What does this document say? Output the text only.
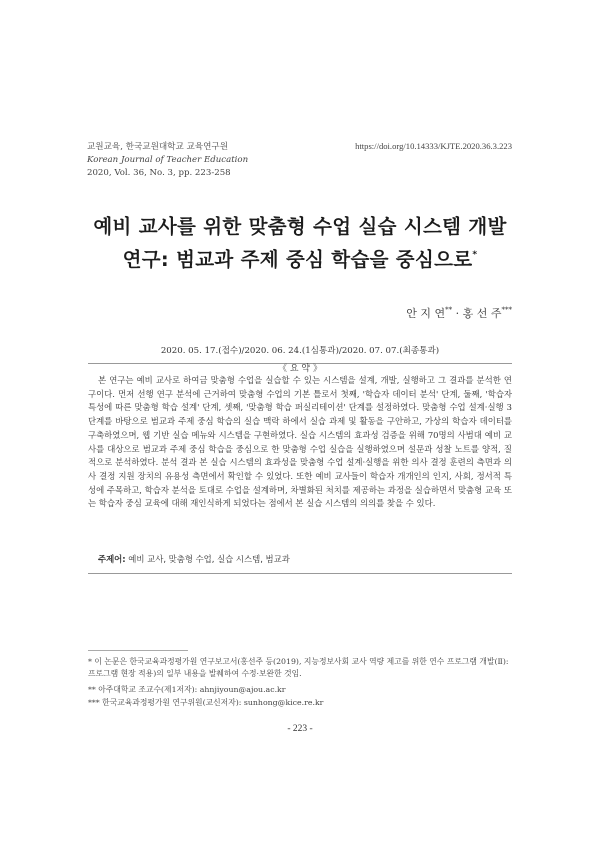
교원교육, 한국교원대학교 교육연구원
Korean Journal of Teacher Education
2020, Vol. 36, No. 3, pp. 223-258
https://doi.org/10.14333/KJTE.2020.36.3.223
예비 교사를 위한 맞춤형 수업 실습 시스템 개발
연구: 범교과 주제 중심 학습을 중심으로*
안 지 연** · 홍 선 주***
2020. 05. 17.(접수)/2020. 06. 24.(1심통과)/2020. 07. 07.(최종통과)
《 요 약 》

본 연구는 예비 교사로 하여금 맞춤형 수업을 실습할 수 있는 시스템을 설계, 개발, 실행하고 그 결과를 분석한 연구이다. 먼저 선행 연구 분석에 근거하여 맞춤형 수업의 기본 틀로서 첫째, '학습자 데이터 분석' 단계, 둘째, '학습자 특성에 따른 맞춤형 학습 설계' 단계, 셋째, '맞춤형 학습 퍼실리테이션' 단계를 설정하였다. 맞춤형 수업 설계·실행 3단계를 바탕으로 범교과 주제 중심 학습의 실습 맥락 하에서 실습 과제 및 활동을 구안하고, 가상의 학습자 데이터를 구축하였으며, 웹 기반 실습 메뉴와 시스템을 구현하였다. 실습 시스템의 효과성 검증을 위해 70명의 사범대 예비 교사를 대상으로 범교과 주제 중심 학습을 중심으로 한 맞춤형 수업 실습을 실행하였으며 설문과 성찰 노트를 양적, 질적으로 분석하였다. 분석 결과 본 실습 시스템의 효과성을 맞춤형 수업 설계·실행을 위한 의사 결정 훈련의 측면과 의사 결정 지원 장치의 유용성 측면에서 확인할 수 있었다. 또한 예비 교사들이 학습자 개개인의 인지, 사회, 정서적 특성에 주목하고, 학습자 분석을 토대로 수업을 설계하며, 차별화된 처치를 제공하는 과정을 실습하면서 맞춤형 교육 또는 학습자 중심 교육에 대해 재인식하게 되었다는 점에서 본 실습 시스템의 의의를 찾을 수 있다.

주제어: 예비 교사, 맞춤형 수업, 실습 시스템, 범교과
* 이 논문은 한국교육과정평가원 연구보고서(홍선주 등(2019), 지능정보사회 교사 역량 제고를 위한 연수 프로그램 개발(Ⅱ): 프로그램 현장 적용)의 일부 내용을 발췌하여 수정·보완한 것임.
** 아주대학교 조교수(제1저자): ahnjiyoun@ajou.ac.kr
*** 한국교육과정평가원 연구위원(교신저자): sunhong@kice.re.kr
- 223 -
